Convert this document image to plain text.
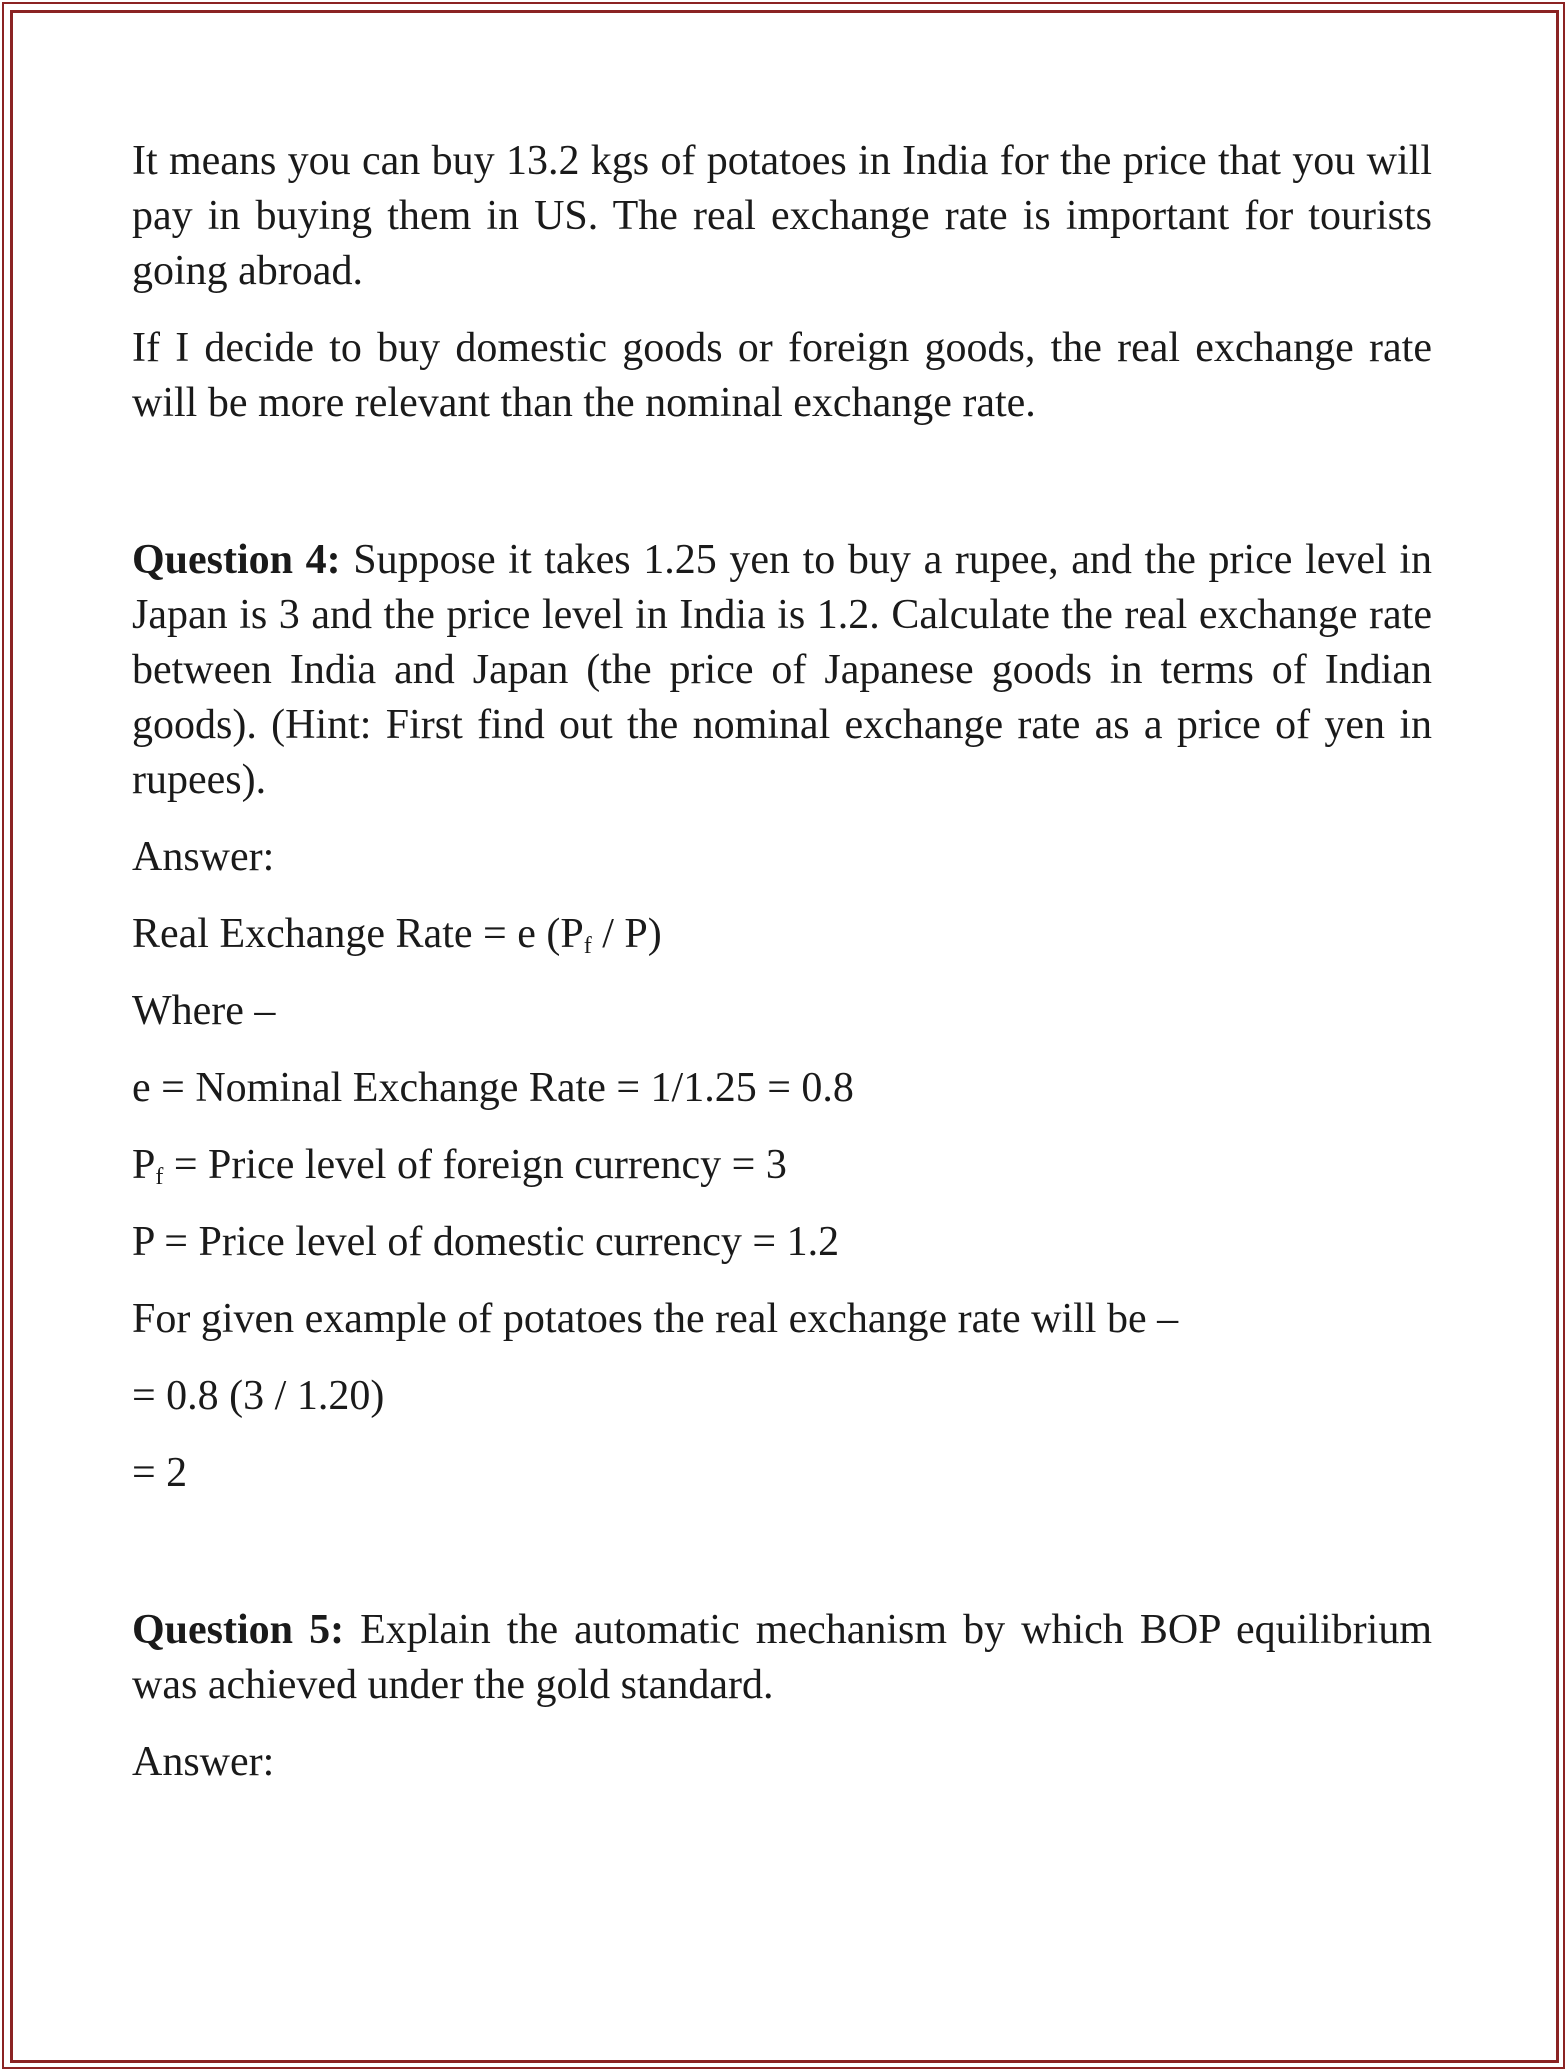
It means you can buy 13.2 kgs of potatoes in India for the price that you will pay in buying them in US. The real exchange rate is important for tourists going abroad.

If I decide to buy domestic goods or foreign goods, the real exchange rate will be more relevant than the nominal exchange rate.

Question 4: Suppose it takes 1.25 yen to buy a rupee, and the price level in Japan is 3 and the price level in India is 1.2. Calculate the real exchange rate between India and Japan (the price of Japanese goods in terms of Indian goods). (Hint: First find out the nominal exchange rate as a price of yen in rupees).

Answer:

Real Exchange Rate = e $(P_f / P)$

Where –

e = Nominal Exchange Rate = 1/1.25 = 0.8

$P_f$ = Price level of foreign currency = 3

P = Price level of domestic currency = 1.2

For given example of potatoes the real exchange rate will be –

= 0.8 (3 / 1.20)

= 2

Question 5: Explain the automatic mechanism by which BOP equilibrium was achieved under the gold standard.

Answer:
